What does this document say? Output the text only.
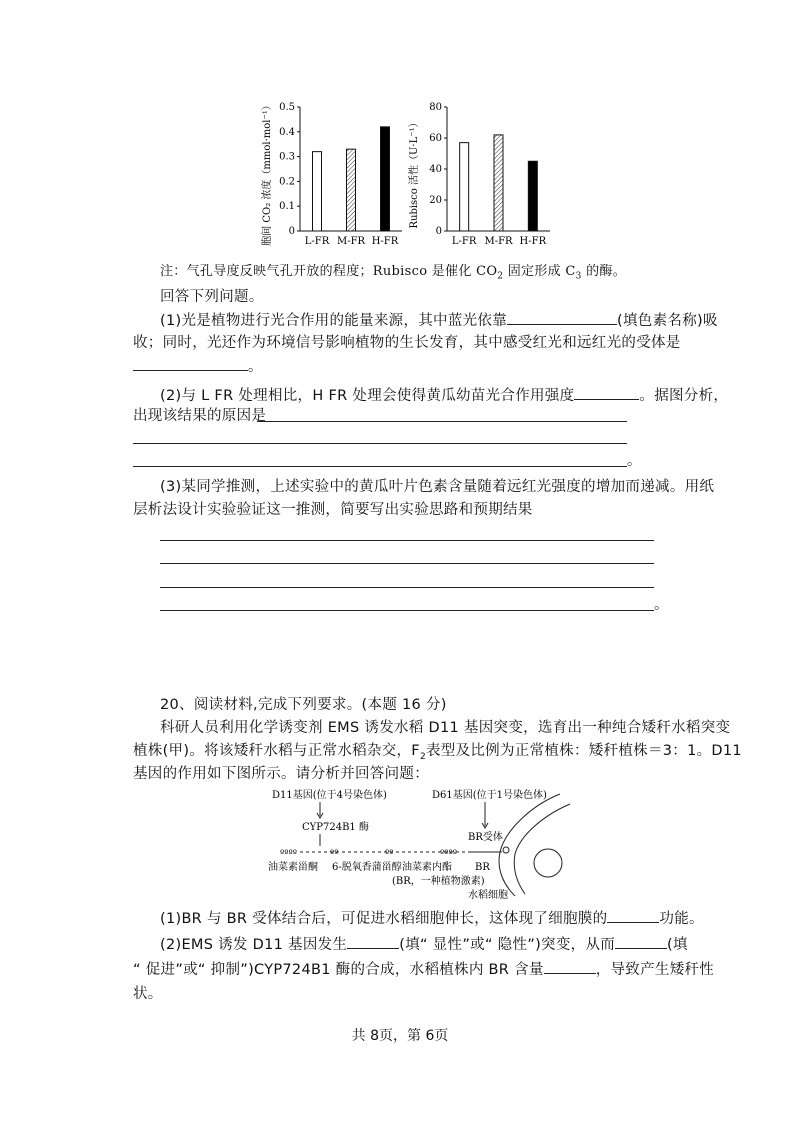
胞间 CO₂ 浓度（mmol·mol⁻¹） 0
0.1
0.2
0.3
0.4
0.5
L-FR M-FR H-FR
Rubisco 活性（U·L⁻¹）
0
20
40
60
80
L-FR M-FR H-FR
注：气孔导度反映气孔开放的程度；Rubisco 是催化 $CO_2$ 固定形成 $C_3$ 的酶。
回答下列问题。
(1)光是植物进行光合作用的能量来源，其中蓝光依靠	(填色素名称)吸
收；同时，光还作为环境信号影响植物的生长发育，其中感受红光和远红光的受体是
。
(2)与 L FR 处理相比，H FR 处理会使得黄瓜幼苗光合作用强度	。据图分析，
出现该结果的原因是
。
(3)某同学推测，上述实验中的黄瓜叶片色素含量随着远红光强度的增加而递减。用纸
层析法设计实验验证这一推测，简要写出实验思路和预期结果
。
20、阅读材料,完成下列要求。(本题 16 分)
科研人员利用化学诱变剂 EMS 诱发水稻 D11 基因突变，选育出一种纯合矮秆水稻突变
植株(甲)。将该矮秆水稻与正常水稻杂交，$F_2$表型及比例为正常植株：矮秆植株＝3：1。D11
基因的作用如下图所示。请分析并回答问题：
D11基因(位于4号染色体)	D61基因(位于1号染色体)
CYP724B1 酶
BR受体
ºººº	ºº	ºº	ºººº
油菜素甾酮 6-脱氧香蒲甾醇 油菜素内酯 BR
(BR，一种植物激素)
水稻细胞
(1)BR 与 BR 受体结合后，可促进水稻细胞伸长，这体现了细胞膜的	功能。
(2)EMS 诱发 D11 基因发生	(填“ 显性”或“ 隐性”)突变，从而	(填
“ 促进”或“ 抑制”)CYP724B1 酶的合成，水稻植株内 BR 含量	，导致产生矮秆性
状。
共 8页，第 6页
